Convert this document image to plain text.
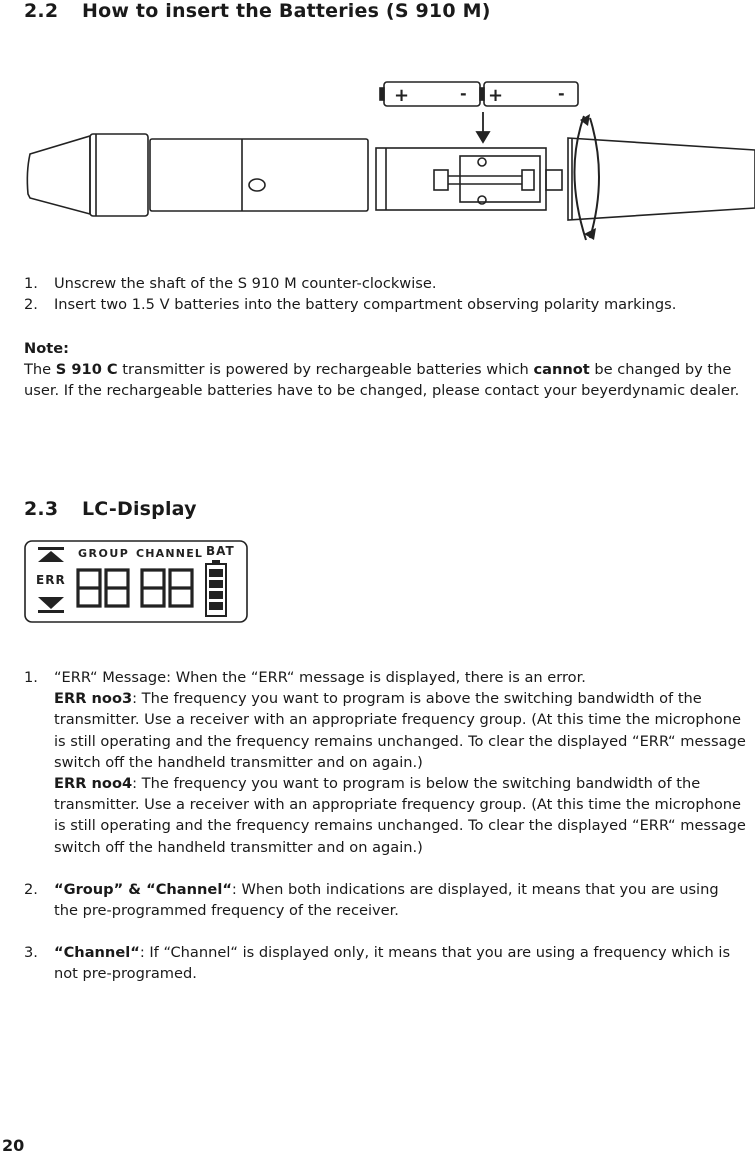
2.2 How to insert the Batteries (S 910 M)
+	- +	-
1. Unscrew the shaft of the S 910 M counter-clockwise.
2. Insert two 1.5 V batteries into the battery compartment observing polarity markings.
Note:
The S 910 C transmitter is powered by rechargeable batteries which cannot be changed by the user. If the rechargeable batteries have to be changed, please contact your beyerdynamic dealer.
2.3 LC-Display
ERR
GROUP CHANNEL BAT
1. “ERR“ Message: When the “ERR“ message is displayed, there is an error.
ERR noo3: The frequency you want to program is above the switching bandwidth of the transmitter. Use a receiver with an appropriate frequency group. (At this time the microphone is still operating and the frequency remains unchanged. To clear the displayed “ERR“ message switch off the handheld transmitter and on again.)
ERR noo4: The frequency you want to program is below the switching bandwidth of the transmitter. Use a receiver with an appropriate frequency group. (At this time the microphone is still operating and the frequency remains unchanged. To clear the displayed “ERR“ message switch off the handheld transmitter and on again.)
2. “Group” & “Channel“: When both indications are displayed, it means that you are using the pre-programmed frequency of the receiver.
3. “Channel“: If “Channel“ is displayed only, it means that you are using a frequency which is not pre-programed.
20
